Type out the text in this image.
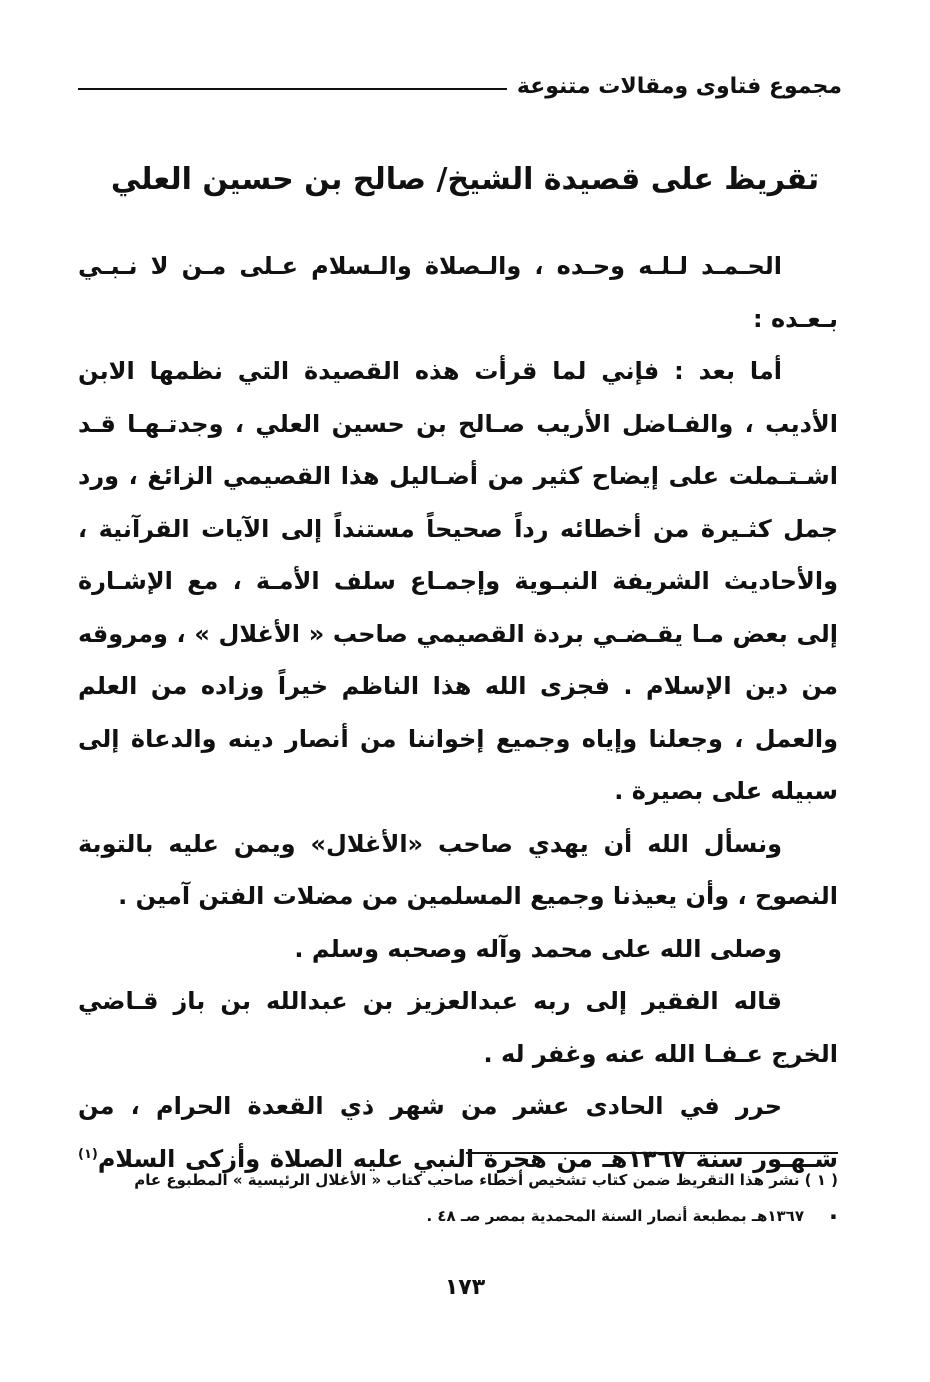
مجموع فتاوى ومقالات متنوعة
تقريظ على قصيدة الشيخ/ صالح بن حسين العلي

الحـمـد لـلـه وحـده ، والـصلاة والـسلام عـلى مـن لا نـبـي بـعـده :

أما بعد : فإني لما قرأت هذه القصيدة التي نظمها الابن الأديب ، والفـاضل الأريب صـالح بن حسين العلي ، وجدتـهـا قـد اشـتـملت على إيضاح كثير من أضـاليل هذا القصيمي الزائغ ، ورد جمل كثـيرة من أخطائه رداً صحيحاً مستنداً إلى الآيات القرآنية ، والأحاديث الشريفة النبـوية وإجمـاع سلف الأمـة ، مع الإشـارة إلى بعض مـا يقـضـي بردة القصيمي صاحب « الأغلال » ، ومروقه من دين الإسلام . فجزى الله هذا الناظم خيراً وزاده من العلم والعمل ، وجعلنا وإياه وجميع إخواننا من أنصار دينه والدعاة إلى سبيله على بصيرة .

ونسأل الله أن يهدي صاحب «الأغلال» ويمن عليه بالتوبة النصوح ، وأن يعيذنا وجميع المسلمين من مضلات الفتن آمين .

وصلى الله على محمد وآله وصحبه وسلم .

قاله الفقير إلى ربه عبدالعزيز بن عبدالله بن باز قـاضي الخرج عـفـا الله عنه وغفر له .

حرر في الحادى عشر من شهر ذي القعدة الحرام ، من شـهـور سنة ١٣٦٧هـ من هجرة النبي عليه الصلاة وأزكى السلام$^{(١)}$ .

( ١ ) نشر هذا التقريظ ضمن كتاب تشخيص أخطاء صاحب كتاب « الأغلال الرئيسية » المطبوع عام

١٣٦٧هـ بمطبعة أنصار السنة المحمدية بمصر صـ ٤٨ .

١٧٣
